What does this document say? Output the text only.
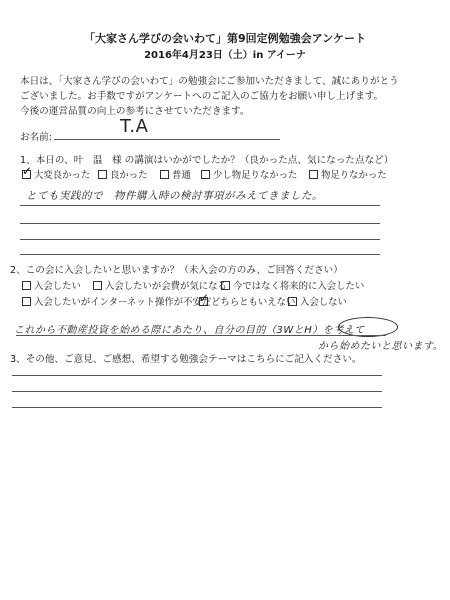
「大家さん学びの会いわて」第9回定例勉強会アンケート
2016年4月23日（土）in アイーナ
本日は、「大家さん学びの会いわて」の勉強会にご参加いただきまして、誠にありがとう
ございました。お手数ですがアンケートへのご記入のご協力をお願い申し上げます。
今後の運営品質の向上の参考にさせていただきます。
お名前:
T.A
1、本日の、叶　温　様 の講演はいかがでしたか？（良かった点、気になった点など）
✓
大変良かった 良かった	普通 少し物足りなかった	物足りなかった
とても実践的で　物件購入時の検討事項がみえてきました。
2、この会に入会したいと思いますか？（未入会の方のみ、ご回答ください）
入会したい	入会したいが会費が気になる 今ではなく将来的に入会したい
入会したいがインターネット操作が不安だ
✓ どちらともいえない 入会しない
これから不動産投資を始める際にあたり、自分の目的（3WとH）を考えて
から始めたいと思います。
3、その他、ご意見、ご感想、希望する勉強会テーマはこちらにご記入ください。
